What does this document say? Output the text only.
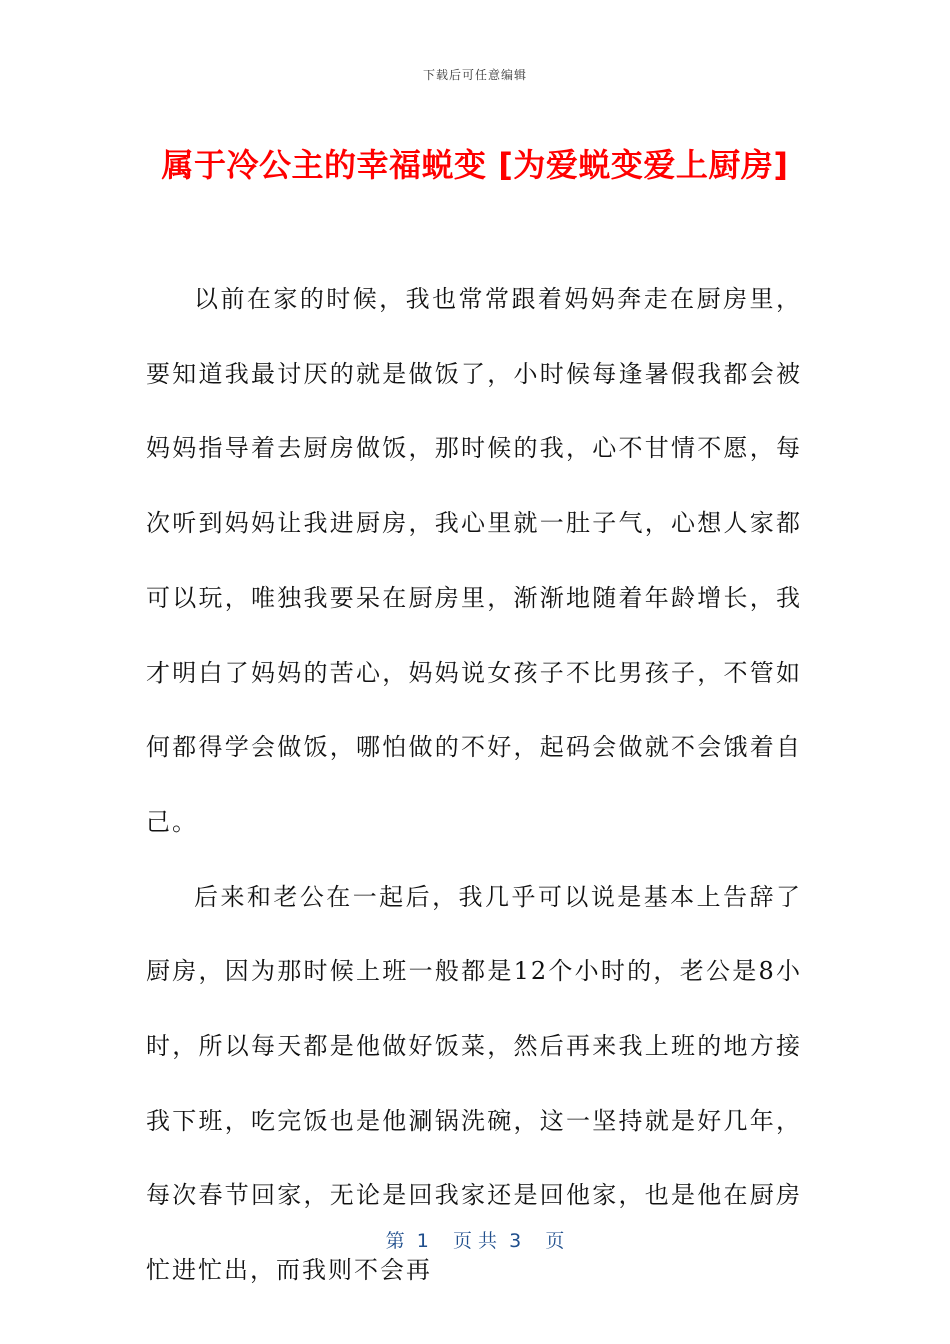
下载后可任意编辑
属于冷公主的幸福蜕变 [为爱蜕变爱上厨房]

以前在家的时候，我也常常跟着妈妈奔走在厨房里，要知道我最讨厌的就是做饭了，小时候每逢暑假我都会被妈妈指导着去厨房做饭，那时候的我，心不甘情不愿，每次听到妈妈让我进厨房，我心里就一肚子气，心想人家都可以玩，唯独我要呆在厨房里，渐渐地随着年龄增长，我才明白了妈妈的苦心，妈妈说女孩子不比男孩子，不管如何都得学会做饭，哪怕做的不好，起码会做就不会饿着自己。

后来和老公在一起后，我几乎可以说是基本上告辞了厨房，因为那时候上班一般都是12个小时的，老公是8小时，所以每天都是他做好饭菜，然后再来我上班的地方接我下班，吃完饭也是他涮锅洗碗，这一坚持就是好几年，每次春节回家，无论是回我家还是回他家，也是他在厨房忙进忙出，而我则不会再

第  1    页 共  3    页
